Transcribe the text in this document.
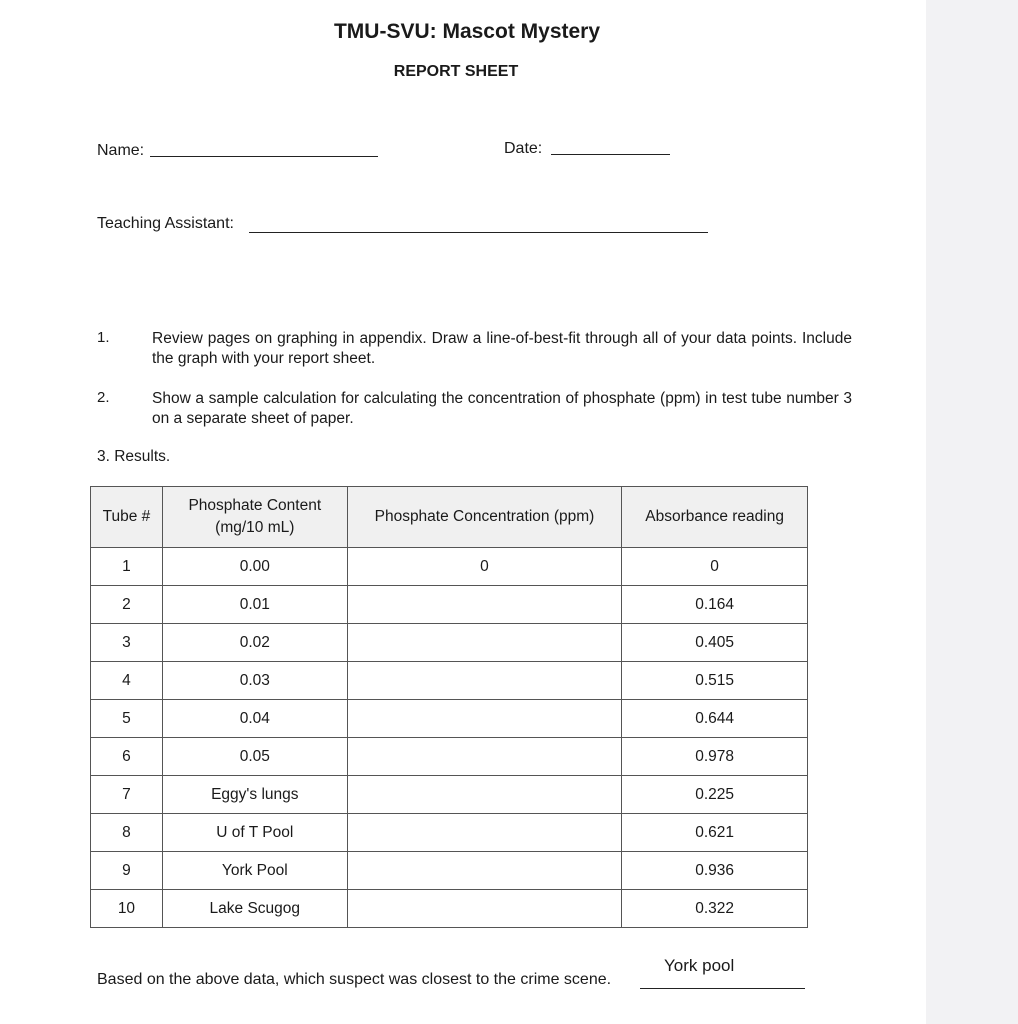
TMU-SVU: Mascot Mystery
REPORT SHEET
Name:	Date:
Teaching Assistant:
1.	Review pages on graphing in appendix. Draw a line-of-best-fit through all of your data points. Include the graph with your report sheet.
2.	Show a sample calculation for calculating the concentration of phosphate (ppm) in test tube number 3 on a separate sheet of paper.
3. Results.
Tube #	Phosphate Content (mg/10 mL)	Phosphate Concentration (ppm)	Absorbance reading
1	0.00	0	0
2	0.01		0.164
3	0.02		0.405
4	0.03		0.515
5	0.04		0.644
6	0.05		0.978
7	Eggy's lungs		0.225
8	U of T Pool		0.621
9	York Pool		0.936
10	Lake Scugog		0.322
Based on the above data, which suspect was closest to the crime scene.
York pool
